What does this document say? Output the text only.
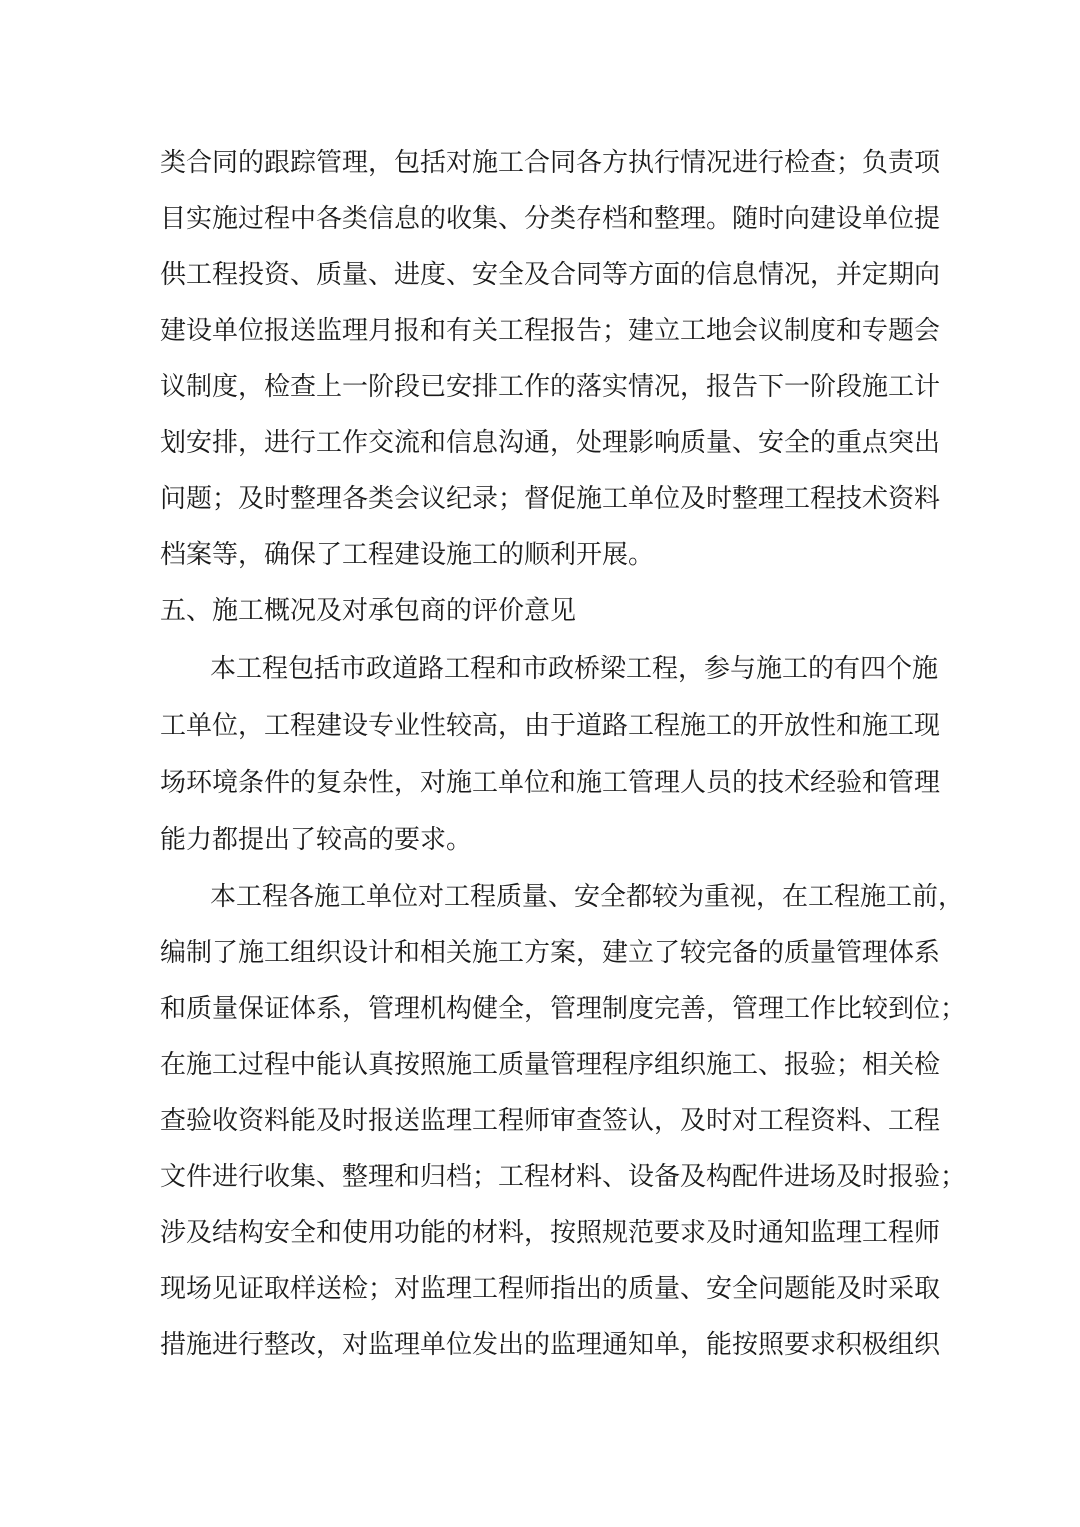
类合同的跟踪管理，包括对施工合同各方执行情况进行检查；负责项
目实施过程中各类信息的收集、分类存档和整理。随时向建设单位提
供工程投资、质量、进度、安全及合同等方面的信息情况，并定期向
建设单位报送监理月报和有关工程报告；建立工地会议制度和专题会
议制度，检查上一阶段已安排工作的落实情况，报告下一阶段施工计
划安排，进行工作交流和信息沟通，处理影响质量、安全的重点突出
问题；及时整理各类会议纪录；督促施工单位及时整理工程技术资料
档案等，确保了工程建设施工的顺利开展。
五、施工概况及对承包商的评价意见
本工程包括市政道路工程和市政桥梁工程，参与施工的有四个施
工单位，工程建设专业性较高，由于道路工程施工的开放性和施工现
场环境条件的复杂性，对施工单位和施工管理人员的技术经验和管理
能力都提出了较高的要求。
本工程各施工单位对工程质量、安全都较为重视，在工程施工前，
编制了施工组织设计和相关施工方案，建立了较完备的质量管理体系
和质量保证体系，管理机构健全，管理制度完善，管理工作比较到位；
在施工过程中能认真按照施工质量管理程序组织施工、报验；相关检
查验收资料能及时报送监理工程师审查签认，及时对工程资料、工程
文件进行收集、整理和归档；工程材料、设备及构配件进场及时报验；
涉及结构安全和使用功能的材料，按照规范要求及时通知监理工程师
现场见证取样送检；对监理工程师指出的质量、安全问题能及时采取
措施进行整改，对监理单位发出的监理通知单，能按照要求积极组织
